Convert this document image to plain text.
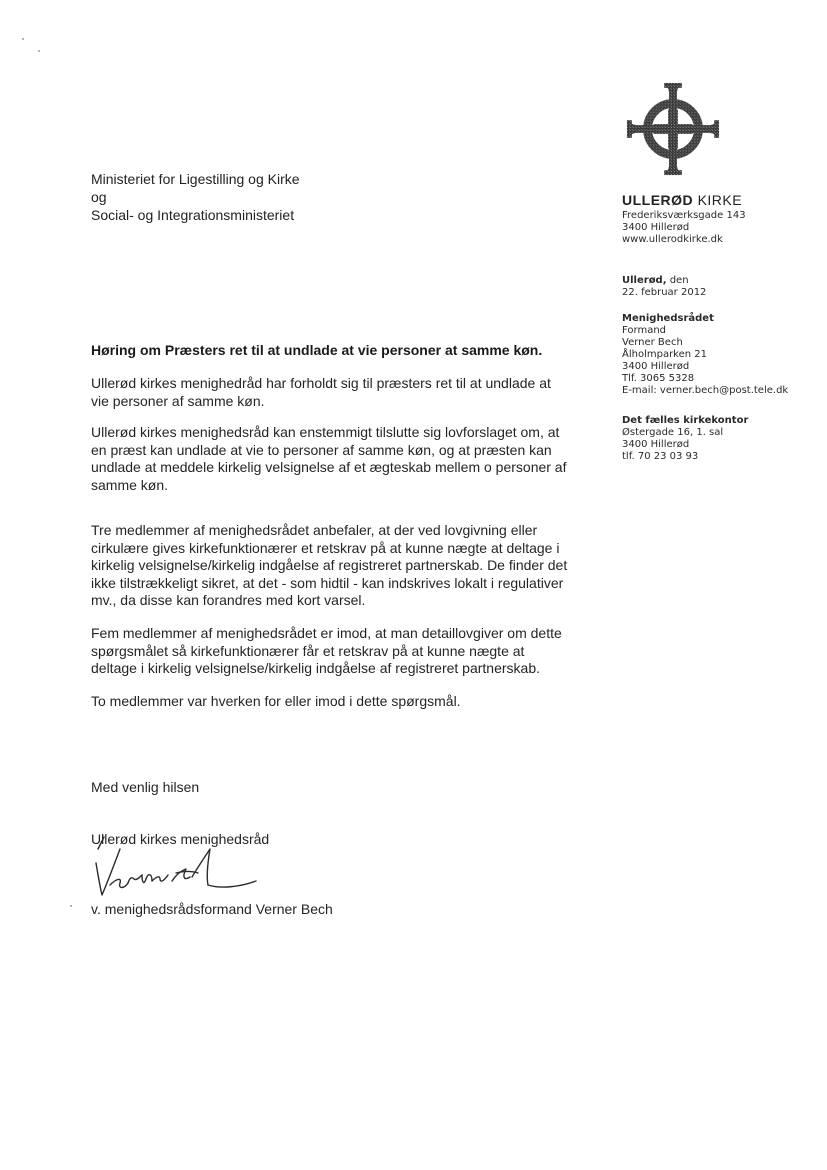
Ministeriet for Ligestilling og Kirke
og
Social- og Integrationsministeriet
ULLERØD KIRKE
Frederiksværksgade 143
3400 Hillerød
www.ullerodkirke.dk
Ullerød, den
22. februar 2012
Menighedsrådet
Formand
Verner Bech
Ålholmparken 21
3400 Hillerød
Tlf. 3065 5328
E-mail: verner.bech@post.tele.dk
Det fælles kirkekontor
Østergade 16, 1. sal
3400 Hillerød
tlf. 70 23 03 93
Høring om Præsters ret til at undlade at vie personer at samme køn.
Ullerød kirkes menighedråd har forholdt sig til præsters ret til at undlade at
vie personer af samme køn.
Ullerød kirkes menighedsråd kan enstemmigt tilslutte sig lovforslaget om, at
en præst kan undlade at vie to personer af samme køn, og at præsten kan
undlade at meddele kirkelig velsignelse af et ægteskab mellem o personer af
samme køn.
Tre medlemmer af menighedsrådet anbefaler, at der ved lovgivning eller
cirkulære gives kirkefunktionærer et retskrav på at kunne nægte at deltage i
kirkelig velsignelse/kirkelig indgåelse af registreret partnerskab. De finder det
ikke tilstrækkeligt sikret, at det - som hidtil - kan indskrives lokalt i regulativer
mv., da disse kan forandres med kort varsel.
Fem medlemmer af menighedsrådet er imod, at man detaillovgiver om dette
spørgsmålet så kirkefunktionærer får et retskrav på at kunne nægte at
deltage i kirkelig velsignelse/kirkelig indgåelse af registreret partnerskab.
To medlemmer var hverken for eller imod i dette spørgsmål.
Med venlig hilsen
Ullerød kirkes menighedsråd
v. menighedsrådsformand Verner Bech
